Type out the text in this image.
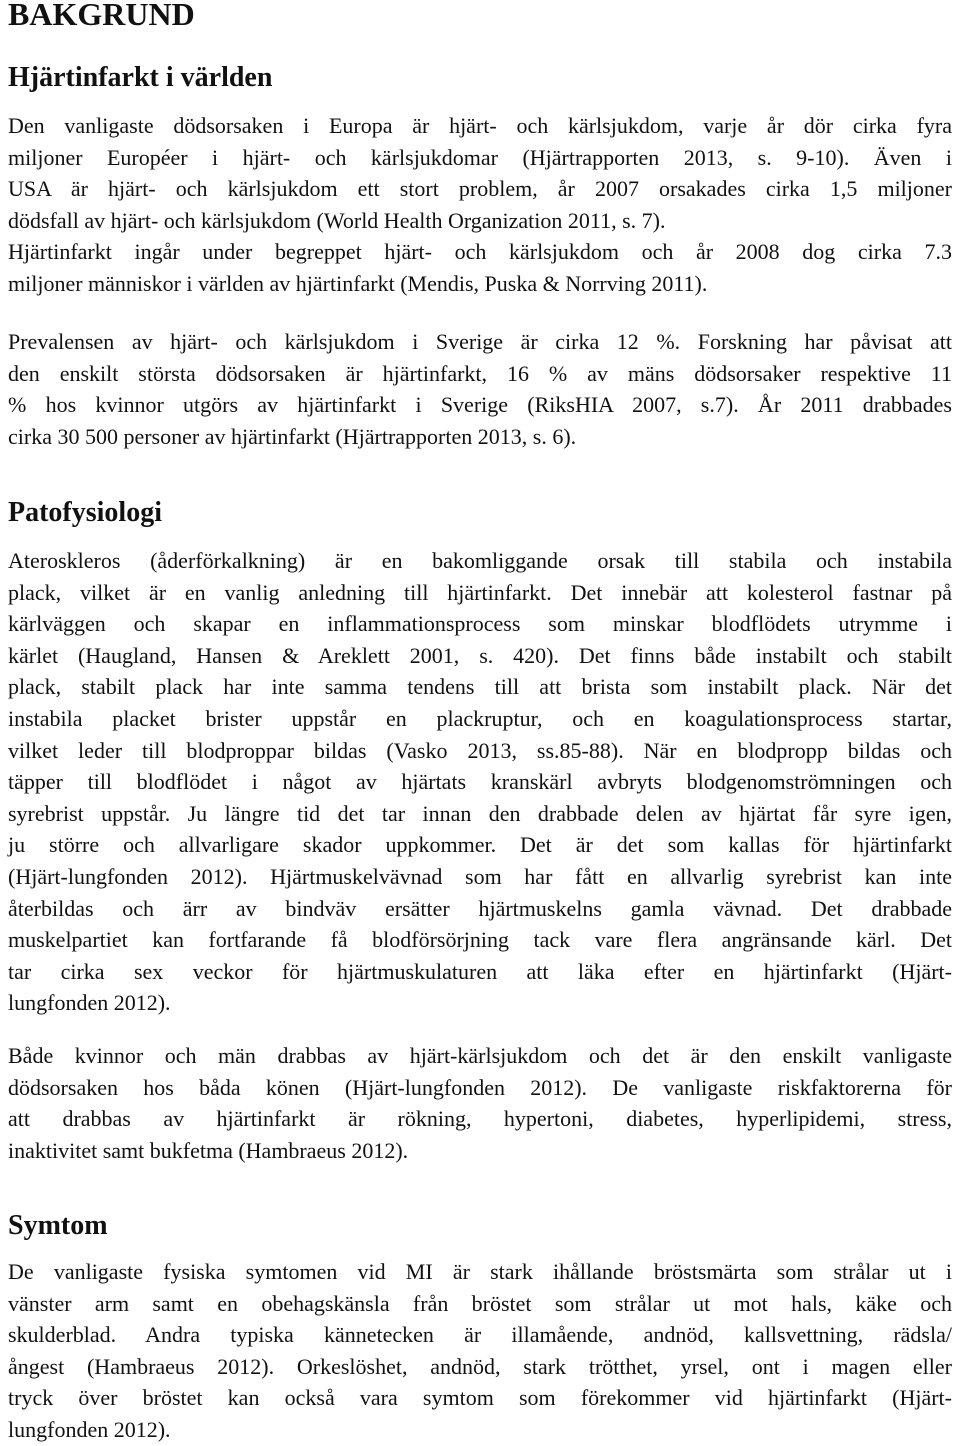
BAKGRUND
Hjärtinfarkt i världen
Den vanligaste dödsorsaken i Europa är hjärt- och kärlsjukdom, varje år dör cirka fyra
miljoner Européer i hjärt- och kärlsjukdomar (Hjärtrapporten 2013, s. 9-10). Även i
USA är hjärt- och kärlsjukdom ett stort problem, år 2007 orsakades cirka 1,5 miljoner
dödsfall av hjärt- och kärlsjukdom (World Health Organization 2011, s. 7).
Hjärtinfarkt ingår under begreppet hjärt- och kärlsjukdom och år 2008 dog cirka 7.3
miljoner människor i världen av hjärtinfarkt (Mendis, Puska & Norrving 2011).
Prevalensen av hjärt- och kärlsjukdom i Sverige är cirka 12 %. Forskning har påvisat att
den enskilt största dödsorsaken är hjärtinfarkt, 16 % av mäns dödsorsaker respektive 11
% hos kvinnor utgörs av hjärtinfarkt i Sverige (RiksHIA 2007, s.7). År 2011 drabbades
cirka 30 500 personer av hjärtinfarkt (Hjärtrapporten 2013, s. 6).
Patofysiologi
Ateroskleros (åderförkalkning) är en bakomliggande orsak till stabila och instabila
plack, vilket är en vanlig anledning till hjärtinfarkt. Det innebär att kolesterol fastnar på
kärlväggen och skapar en inflammationsprocess som minskar blodflödets utrymme i
kärlet (Haugland, Hansen & Areklett 2001, s. 420). Det finns både instabilt och stabilt
plack, stabilt plack har inte samma tendens till att brista som instabilt plack. När det
instabila placket brister uppstår en plackruptur, och en koagulationsprocess startar,
vilket leder till blodproppar bildas (Vasko 2013, ss.85-88). När en blodpropp bildas och
täpper till blodflödet i något av hjärtats kranskärl avbryts blodgenomströmningen och
syrebrist uppstår. Ju längre tid det tar innan den drabbade delen av hjärtat får syre igen,
ju större och allvarligare skador uppkommer. Det är det som kallas för hjärtinfarkt
(Hjärt-lungfonden 2012). Hjärtmuskelvävnad som har fått en allvarlig syrebrist kan inte
återbildas och ärr av bindväv ersätter hjärtmuskelns gamla vävnad. Det drabbade
muskelpartiet kan fortfarande få blodförsörjning tack vare flera angränsande kärl. Det
tar cirka sex veckor för hjärtmuskulaturen att läka efter en hjärtinfarkt (Hjärt-
lungfonden 2012).
Både kvinnor och män drabbas av hjärt-kärlsjukdom och det är den enskilt vanligaste
dödsorsaken hos båda könen (Hjärt-lungfonden 2012). De vanligaste riskfaktorerna för
att drabbas av hjärtinfarkt är rökning, hypertoni, diabetes, hyperlipidemi, stress,
inaktivitet samt bukfetma (Hambraeus 2012).
Symtom
De vanligaste fysiska symtomen vid MI är stark ihållande bröstsmärta som strålar ut i
vänster arm samt en obehagskänsla från bröstet som strålar ut mot hals, käke och
skulderblad. Andra typiska kännetecken är illamående, andnöd, kallsvettning, rädsla/
ångest (Hambraeus 2012). Orkeslöshet, andnöd, stark trötthet, yrsel, ont i magen eller
tryck över bröstet kan också vara symtom som förekommer vid hjärtinfarkt (Hjärt-
lungfonden 2012).
